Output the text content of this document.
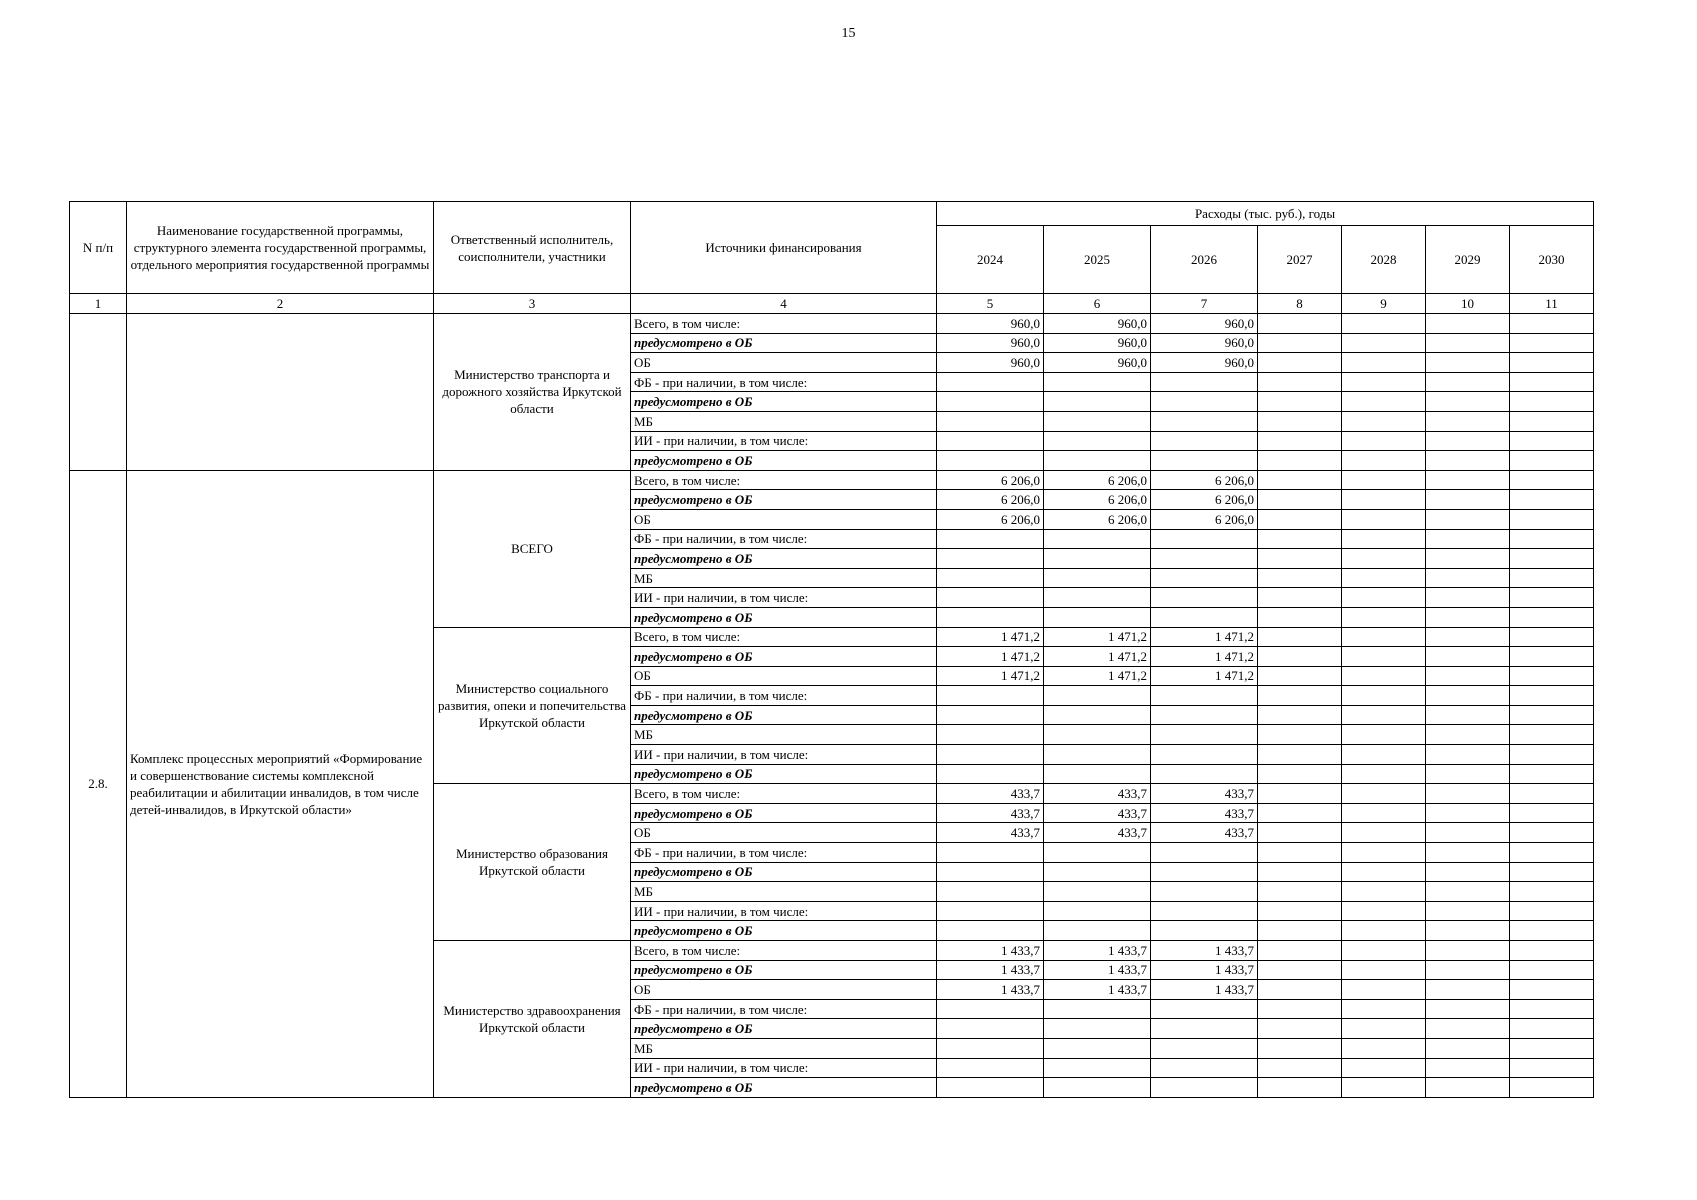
15
N п/п	Наименование государственной программы, структурного элемента государственной программы, отдельного мероприятия государственной программы	Ответственный исполнитель, соисполнители, участники	Источники финансирования	Расходы (тыс. руб.), годы						
				2024	2025	2026	2027	2028	2029	2030
1	2	3	4	5	6	7	8	9	10	11
		Министерство транспорта и дорожного хозяйства Иркутской области	Всего, в том числе:	960,0	960,0	960,0				
			предусмотрено в ОБ	960,0	960,0	960,0				
			ОБ	960,0	960,0	960,0				
			ФБ - при наличии, в том числе:							
			предусмотрено в ОБ							
			МБ							
			ИИ - при наличии, в том числе:							
			предусмотрено в ОБ							
2.8.	Комплекс процессных мероприятий «Формирование и совершенствование системы комплексной реабилитации и абилитации инвалидов, в том числе детей-инвалидов, в Иркутской области»	ВСЕГО	Всего, в том числе:	6 206,0	6 206,0	6 206,0				
			предусмотрено в ОБ	6 206,0	6 206,0	6 206,0				
			ОБ	6 206,0	6 206,0	6 206,0				
			ФБ - при наличии, в том числе:							
			предусмотрено в ОБ							
			МБ							
			ИИ - при наличии, в том числе:							
			предусмотрено в ОБ							
		Министерство социального развития, опеки и попечительства Иркутской области	Всего, в том числе:	1 471,2	1 471,2	1 471,2				
			предусмотрено в ОБ	1 471,2	1 471,2	1 471,2				
			ОБ	1 471,2	1 471,2	1 471,2				
			ФБ - при наличии, в том числе:							
			предусмотрено в ОБ							
			МБ							
			ИИ - при наличии, в том числе:							
			предусмотрено в ОБ							
		Министерство образования Иркутской области	Всего, в том числе:	433,7	433,7	433,7				
			предусмотрено в ОБ	433,7	433,7	433,7				
			ОБ	433,7	433,7	433,7				
			ФБ - при наличии, в том числе:							
			предусмотрено в ОБ							
			МБ							
			ИИ - при наличии, в том числе:							
			предусмотрено в ОБ							
		Министерство здравоохранения Иркутской области	Всего, в том числе:	1 433,7	1 433,7	1 433,7				
			предусмотрено в ОБ	1 433,7	1 433,7	1 433,7				
			ОБ	1 433,7	1 433,7	1 433,7				
			ФБ - при наличии, в том числе:							
			предусмотрено в ОБ							
			МБ							
			ИИ - при наличии, в том числе:							
			предусмотрено в ОБ							
